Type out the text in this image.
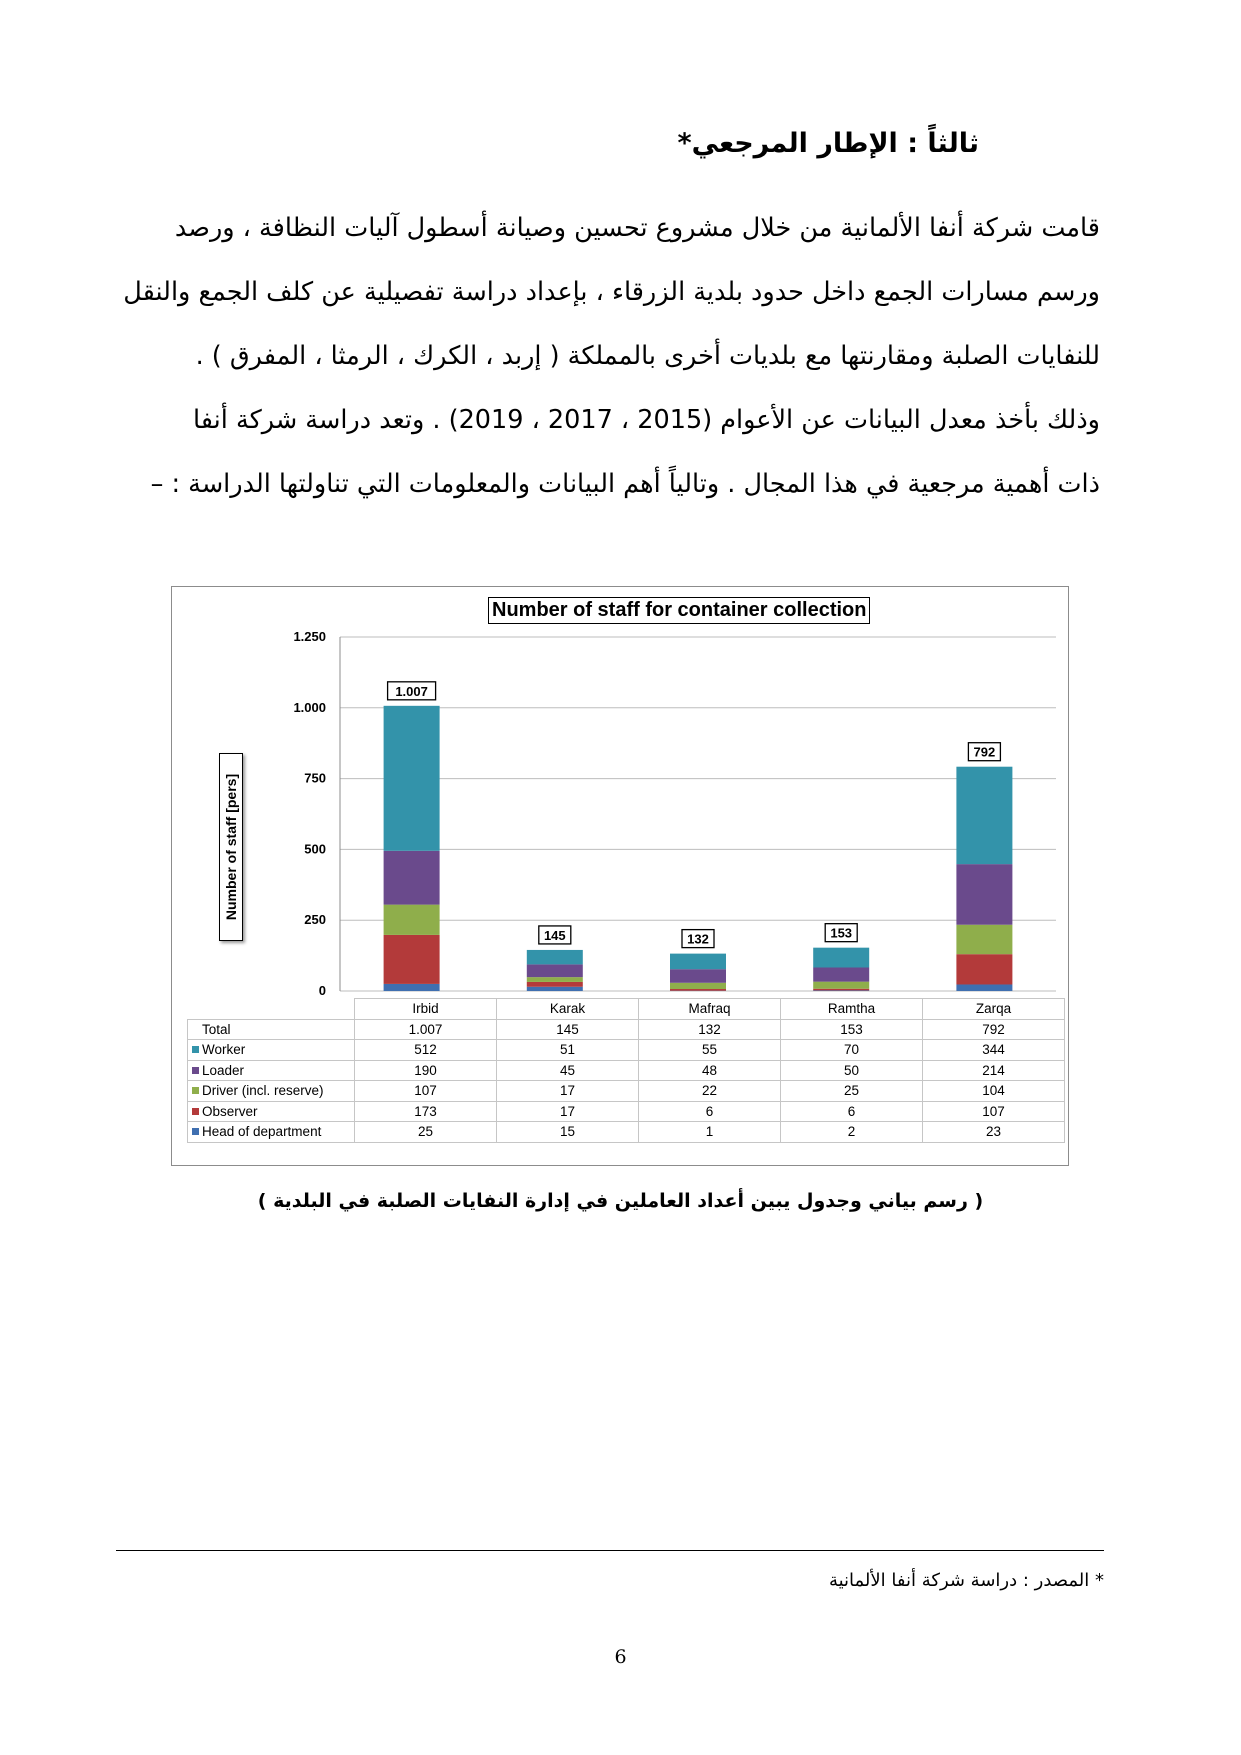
ثالثاً : الإطار المرجعي*
قامت شركة أنفا الألمانية من خلال مشروع تحسين وصيانة أسطول آليات النظافة ، ورصد
ورسم مسارات الجمع داخل حدود بلدية الزرقاء ، بإعداد دراسة تفصيلية عن كلف الجمع والنقل
للنفايات الصلبة ومقارنتها مع بلديات أخرى بالمملكة ( إربد ، الكرك ، الرمثا ، المفرق ) .
وذلك بأخذ معدل البيانات عن الأعوام (2015 ، 2017 ، 2019) . وتعد دراسة شركة أنفا
ذات أهمية مرجعية في هذا المجال . وتالياً أهم البيانات والمعلومات التي تناولتها الدراسة : –
0
250
500
750
1.000
1.250
1.007
145	132	153
792
Number of staff for container collection
Number of staff [pers]
	Irbid	Karak	Mafraq	Ramtha	Zarqa
Total	1.007	145	132	153	792

Worker	512	51	55	70	344

Loader	190	45	48	50	214

Driver (incl. reserve)	107	17	22	25	104

Observer	173	17	6	6	107

Head of department	25	15	1	2	23
( رسم بياني وجدول يبين أعداد العاملين في إدارة النفايات الصلبة في البلدية )
* المصدر : دراسة شركة أنفا الألمانية
6
